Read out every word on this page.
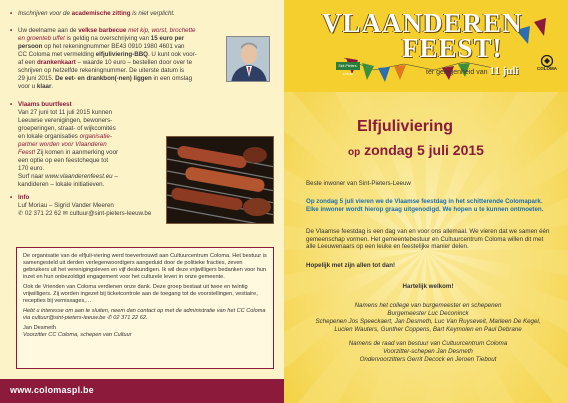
• Inschrijven voor de academische zitting is niet verplicht.
• Uw deelname aan de velkse barbecue met kip, worst, brochette
en groenteb uffet is geldig na overschrijving van 15 euro per
persoon op het rekeningnummer BE43 0910 1980 4601 van
CC Coloma met vermelding elfjuliviering-BBQ. U kunt ook voor-
af een drankenkaart – waarde 10 euro – bestellen door over te
schrijven op hetzelfde rekeningnummer. De uiterste datum is
29 juni 2015. De eet- en drankbon(-nen) liggen in een omslag
voor u klaar.
• Vlaams buurtfeest
Van 27 juni tot 11 juli 2015 kunnen
Leeuwse verenigingen, bewoners-
groeperingen, straat- of wijkcomités
en lokale organisaties organisatie-
partner worden voor Vlaanderen
Feest! Zij komen in aanmerking voor
een optie op een feestcheque tot
170 euro.
Surf naar www.vlaanderenfeest.eu –
kandideren – lokale initiatieven.
• Info
Luf Moriau – Sigrid Vander Meeren
✆ 02 371 22 62 ✉ cultuur@sint-pieters-leeuw.be

De organisatie van de elfjuli-viering werd toevertrouwd aan Cultuurcentrum Coloma. Het bestuur is samengesteld uit derden verlegenwoordigers aangeduid door de politieke fracties, zeven gebruikers uit het verenigingsleven en vijf deskundigen. Ik wil deze vrijwilligers bedanken voor hun inzet en hun onbezoldigd engagement voor het culturele leven in onze gemeente.

Ook de Vrienden van Coloma verdienen onze dank. Deze groep bestaat uit twee en twintig vrijwilligers. Zij worden ingezet bij ticketcontrole aan de toegang tot de voorstellingen, vestiaire, recepties bij vernissages,…

Hebt u interesse om aan te sluiten, neem dan contact op met de administratie van het CC Coloma via cultuur@sint-pieters-leeuw.be ✆ 02 371 22 62.

Jan Desmeth

Voorzitter CC Coloma, schepen van Cultuur

www.colomaspl.be
VLAANDEREN
FEEST!
Sint-Pieters-Leeuw	ter gelegenheid van 11 juli	COLOMA
Elfjuliviering
op zondag 5 juli 2015
Beste inwoner van Sint-Pieters-Leeuw
Op zondag 5 juli vieren we de Vlaamse feestdag in het schitterende Colomapark. Elke inwoner wordt hierop graag uitgenodigd. We hopen u te kunnen ontmoeten.
De Vlaamse feestdag is een dag van en voor ons allemaal. We vieren dat we samen één gemeenschap vormen. Het gemeentebestuur en Cultuurcentrum Coloma willen dit met alle Leeuwenaars op een leuke en feestelijke manier delen.
Hopelijk met zijn allen tot dan!
Hartelijk welkom!
Namens het college van burgemeester en schepenen
Burgemeester Luc Deconinck
Schepenen Jos Speeckaert, Jan Desmeth, Luc Van Ruyseveit, Marleen De Kegel,
Lucien Wauters, Gunther Coppens, Bart Keymolen en Paul Debrane
Namens de raad van bestuur van Cultuurcentrum Coloma
Voorzitter-schepen Jan Desmeth
Ondervoorzitters Gerrit Decock en Jeroen Tiebout
